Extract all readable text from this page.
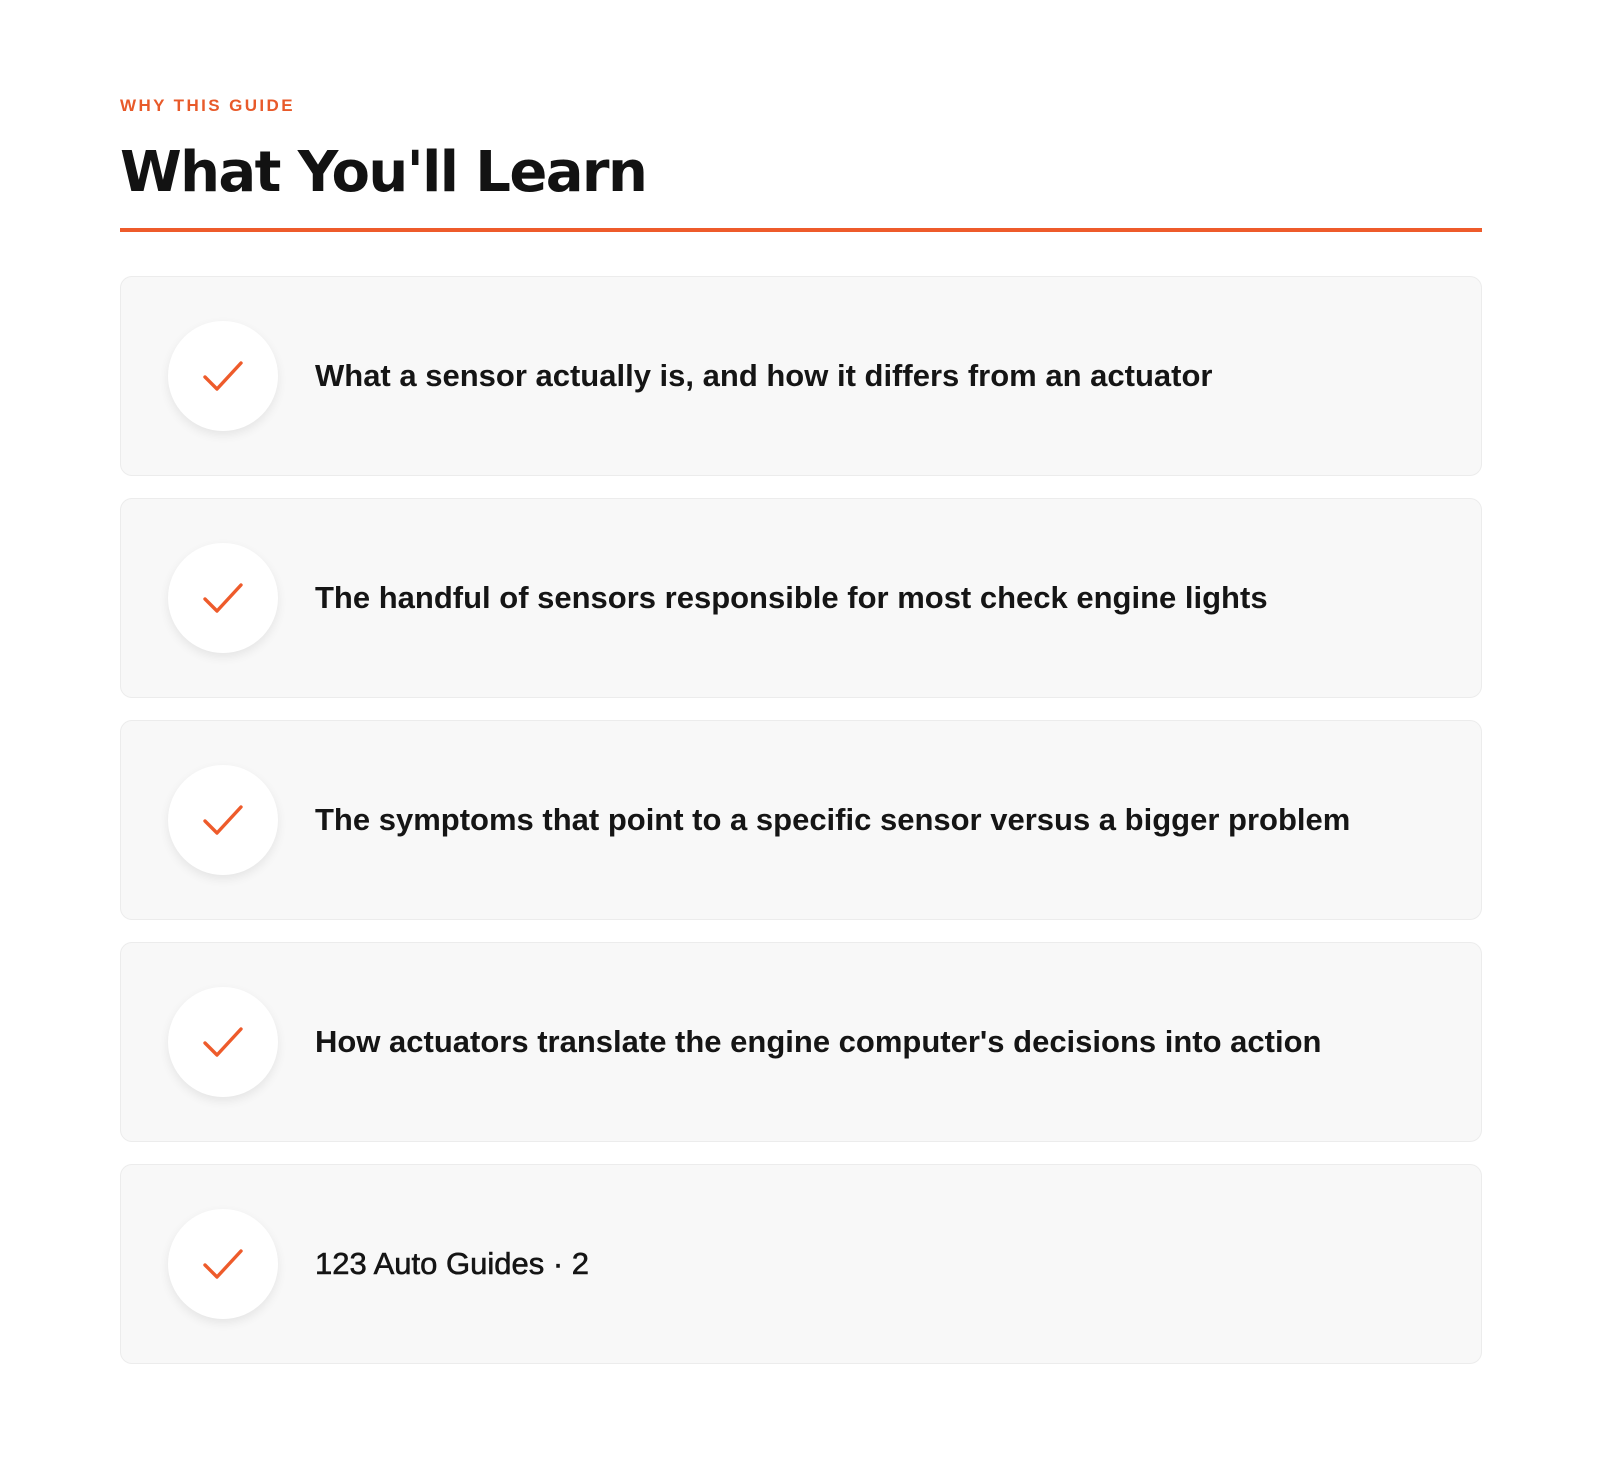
WHY THIS GUIDE
What You'll Learn
What a sensor actually is, and how it differs from an actuator
The handful of sensors responsible for most check engine lights
The symptoms that point to a specific sensor versus a bigger problem
How actuators translate the engine computer's decisions into action
123 Auto Guides · 2
